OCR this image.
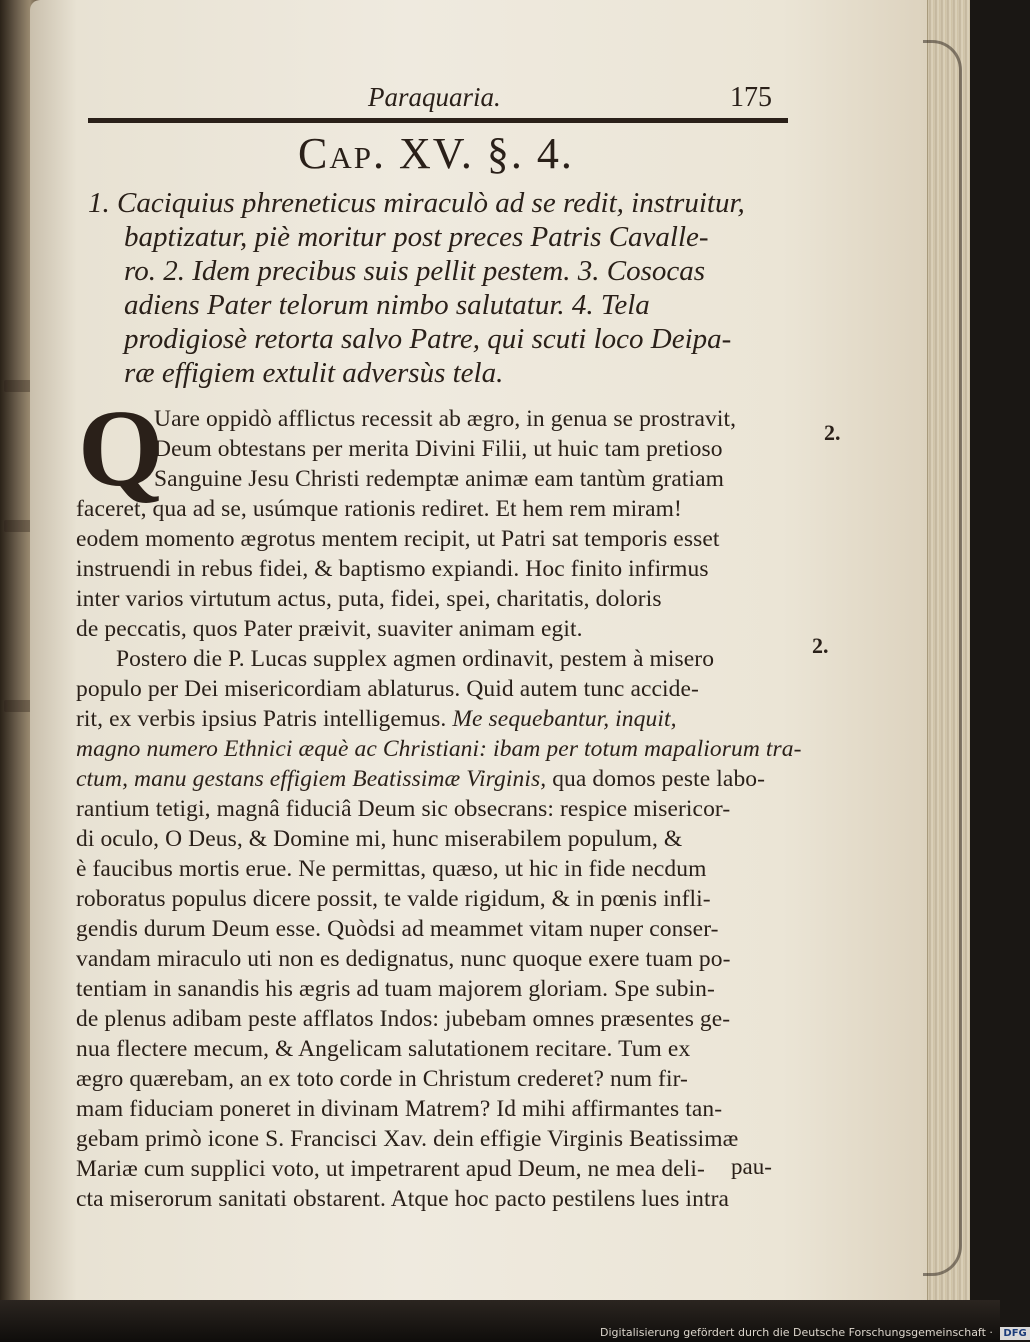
Paraquaria.	175
Cap. XV. §. 4.
1. Caciquius phreneticus miraculò ad se redit, instruitur,
baptizatur, piè moritur post preces Patris Cavalle-
ro. 2. Idem precibus suis pellit pestem. 3. Cosocas
adiens Pater telorum nimbo salutatur. 4. Tela
prodigiosè retorta salvo Patre, qui scuti loco Deipa-
ræ effigiem extulit adversùs tela.
Q
Uare oppidò afflictus recessit ab ægro, in genua se prostravit,
Deum obtestans per merita Divini Filii, ut huic tam pretioso
Sanguine Jesu Christi redemptæ animæ eam tantùm gratiam
faceret, qua ad se, usúmque rationis rediret. Et hem rem miram!
eodem momento ægrotus mentem recipit, ut Patri sat temporis esset
instruendi in rebus fidei, & baptismo expiandi. Hoc finito infirmus
inter varios virtutum actus, puta, fidei, spei, charitatis, doloris
de peccatis, quos Pater præivit, suaviter animam egit.
Postero die P. Lucas supplex agmen ordinavit, pestem à misero
populo per Dei misericordiam ablaturus. Quid autem tunc accide-
rit, ex verbis ipsius Patris intelligemus. Me sequebantur, inquit,
magno numero Ethnici æquè ac Christiani: ibam per totum mapaliorum tra-
ctum, manu gestans effigiem Beatissimæ Virginis, qua domos peste labo-
rantium tetigi, magnâ fiduciâ Deum sic obsecrans: respice misericor-
di oculo, O Deus, & Domine mi, hunc miserabilem populum, &
è faucibus mortis erue. Ne permittas, quæso, ut hic in fide necdum
roboratus populus dicere possit, te valde rigidum, & in pœnis infli-
gendis durum Deum esse. Quòdsi ad meammet vitam nuper conser-
vandam miraculo uti non es dedignatus, nunc quoque exere tuam po-
tentiam in sanandis his ægris ad tuam majorem gloriam. Spe subin-
de plenus adibam peste afflatos Indos: jubebam omnes præsentes ge-
nua flectere mecum, & Angelicam salutationem recitare. Tum ex
ægro quærebam, an ex toto corde in Christum crederet? num fir-
mam fiduciam poneret in divinam Matrem? Id mihi affirmantes tan-
gebam primò icone S. Francisci Xav. dein effigie Virginis Beatissimæ
Mariæ cum supplici voto, ut impetrarent apud Deum, ne mea deli-
cta miserorum sanitati obstarent. Atque hoc pacto pestilens lues intra
pau-
2.
2.
Digitalisierung gefördert durch die Deutsche Forschungsgemeinschaft · DFG
